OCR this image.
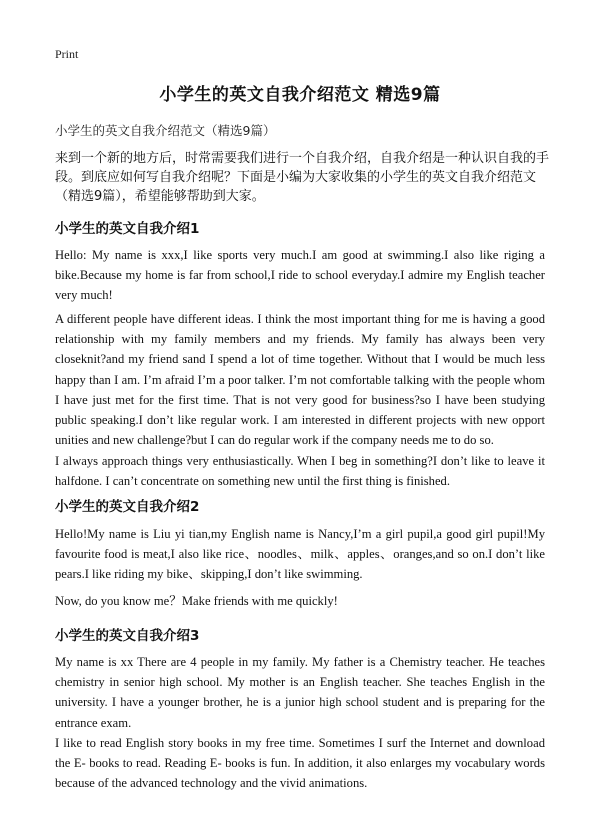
Print
小学生的英文自我介绍范文 精选9篇
小学生的英文自我介绍范文（精选9篇）
来到一个新的地方后，时常需要我们进行一个自我介绍，自我介绍是一种认识自我的手段。到底应如何写自我介绍呢？下面是小编为大家收集的小学生的英文自我介绍范文（精选9篇），希望能够帮助到大家。
小学生的英文自我介绍1
Hello: My name is xxx,I like sports very much.I am good at swimming.I also like riging a bike.Because my home is far from school,I ride to school everyday.I admire my English teacher very much!
A different people have different ideas. I think the most important thing for me is having a good relationship with my family members and my friends. My family has always been very closeknit?and my friend sand I spend a lot of time together. Without that I would be much less happy than I am. I’m afraid I’m a poor talker. I’m not comfortable talking with the people whom I have just met for the first time. That is not very good for business?so I have been studying public speaking.I don’t like regular work. I am interested in different projects with new opport unities and new challenge?but I can do regular work if the company needs me to do so.
I always approach things very enthusiastically. When I beg in something?I don’t like to leave it halfdone. I can’t concentrate on something new until the first thing is finished.
小学生的英文自我介绍2
Hello!My name is Liu yi tian,my English name is Nancy,I’m a girl pupil,a good girl pupil!My favourite food is meat,I also like rice、noodles、milk、apples、oranges,and so on.I don’t like pears.I like riding my bike、skipping,I don’t like swimming.
Now, do you know me？Make friends with me quickly!
小学生的英文自我介绍3
My name is xx There are 4 people in my family. My father is a Chemistry teacher. He teaches chemistry in senior high school. My mother is an English teacher. She teaches English in the university. I have a younger brother, he is a junior high school student and is preparing for the entrance exam.
I like to read English story books in my free time. Sometimes I surf the Internet and download the E- books to read. Reading E- books is fun. In addition, it also enlarges my vocabulary words because of the advanced technology and the vivid animations.
